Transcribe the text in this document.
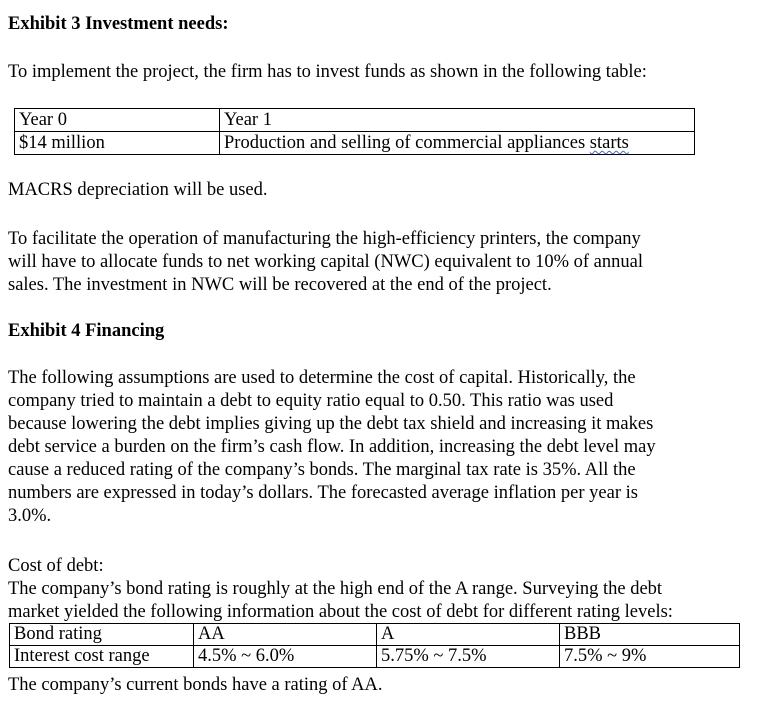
Exhibit 3 Investment needs:

To implement the project, the firm has to invest funds as shown in the following table:

Year 0	Year 1
$14 million	Production and selling of commercial appliances starts

MACRS depreciation will be used.

To facilitate the operation of manufacturing the high-efficiency printers, the company
will have to allocate funds to net working capital (NWC) equivalent to 10% of annual
sales. The investment in NWC will be recovered at the end of the project.

Exhibit 4 Financing

The following assumptions are used to determine the cost of capital. Historically, the
company tried to maintain a debt to equity ratio equal to 0.50. This ratio was used
because lowering the debt implies giving up the debt tax shield and increasing it makes
debt service a burden on the firm’s cash flow. In addition, increasing the debt level may
cause a reduced rating of the company’s bonds. The marginal tax rate is 35%. All the
numbers are expressed in today’s dollars. The forecasted average inflation per year is
3.0%.

Cost of debt:

The company’s bond rating is roughly at the high end of the A range. Surveying the debt
market yielded the following information about the cost of debt for different rating levels:
Bond rating	AA	A	BBB
Interest cost range	4.5% ~ 6.0%	5.75% ~ 7.5%	7.5% ~ 9%

The company’s current bonds have a rating of AA.
